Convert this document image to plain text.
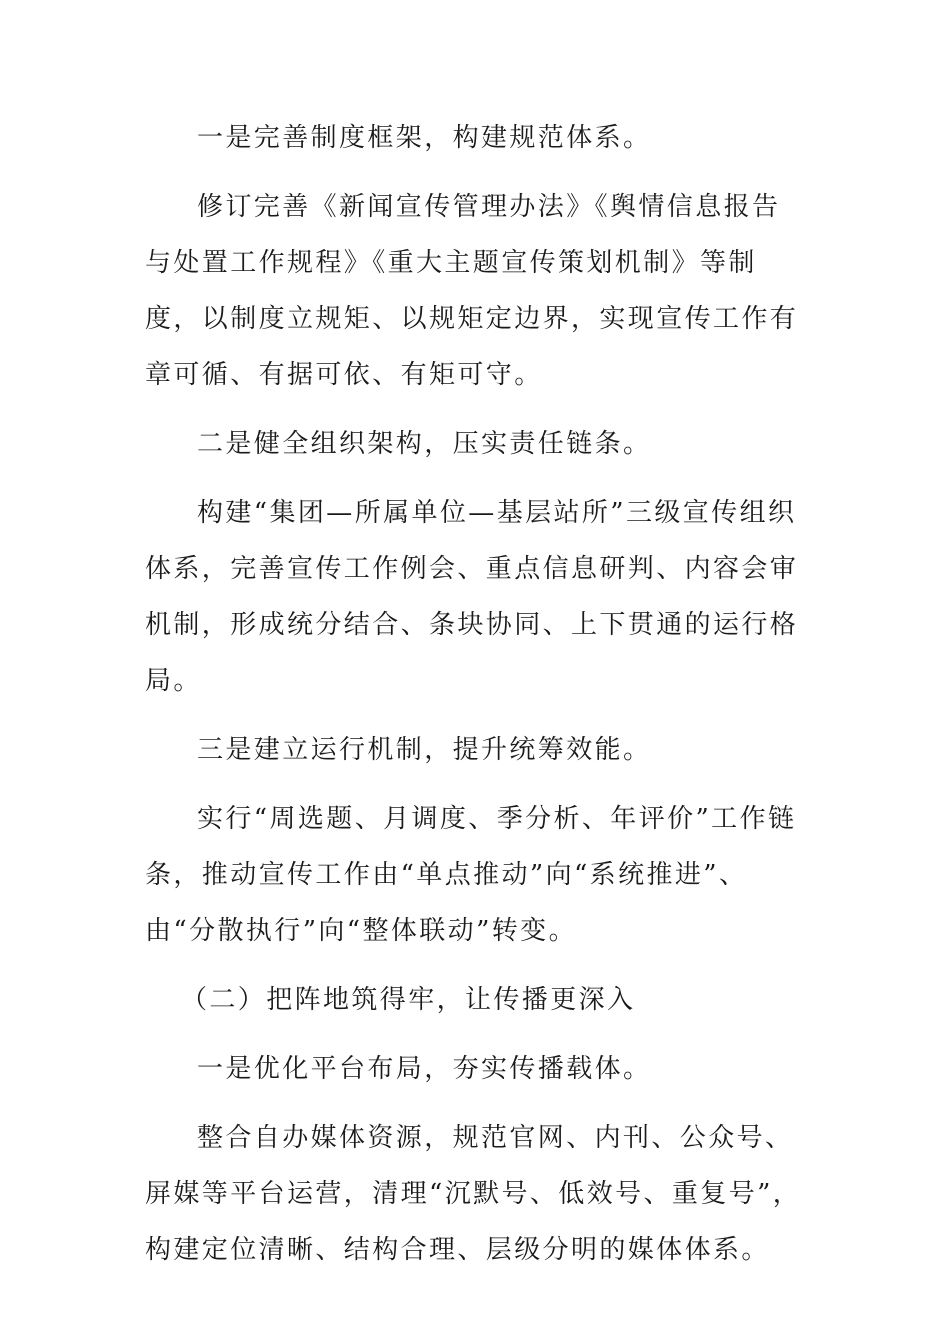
一是完善制度框架，构建规范体系。

修订完善《新闻宣传管理办法》《舆情信息报告与处置工作规程》《重大主题宣传策划机制》等制度，以制度立规矩、以规矩定边界，实现宣传工作有章可循、有据可依、有矩可守。

二是健全组织架构，压实责任链条。

构建“集团—所属单位—基层站所”三级宣传组织体系，完善宣传工作例会、重点信息研判、内容会审机制，形成统分结合、条块协同、上下贯通的运行格局。

三是建立运行机制，提升统筹效能。

实行“周选题、月调度、季分析、年评价”工作链条，推动宣传工作由“单点推动”向“系统推进”、由“分散执行”向“整体联动”转变。

（二）把阵地筑得牢，让传播更深入

一是优化平台布局，夯实传播载体。

整合自办媒体资源，规范官网、内刊、公众号、屏媒等平台运营，清理“沉默号、低效号、重复号”，构建定位清晰、结构合理、层级分明的媒体体系。
